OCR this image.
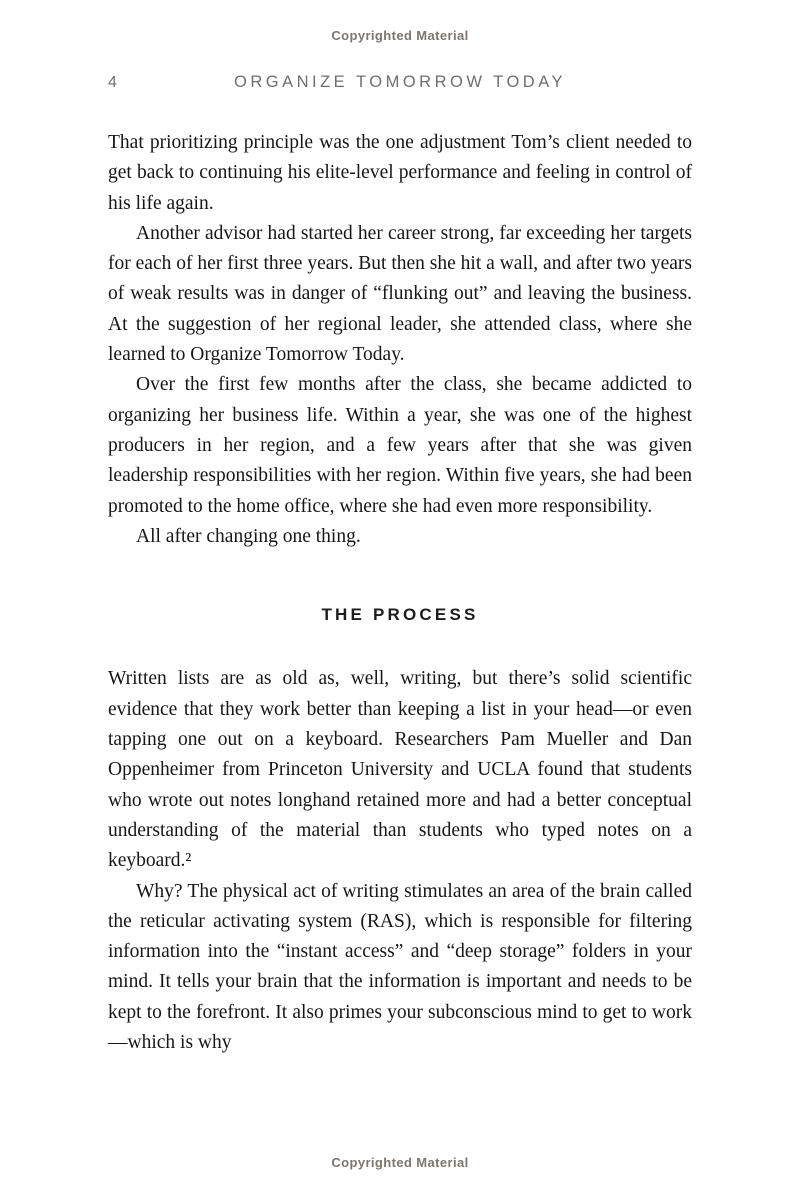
Copyrighted Material
4	ORGANIZE TOMORROW TODAY

That prioritizing principle was the one adjustment Tom’s client needed to get back to continuing his elite-level performance and feeling in control of his life again.

Another advisor had started her career strong, far exceeding her targets for each of her first three years. But then she hit a wall, and after two years of weak results was in danger of “flunking out” and leaving the business. At the suggestion of her regional leader, she attended class, where she learned to Organize Tomorrow Today.

Over the first few months after the class, she became addicted to organizing her business life. Within a year, she was one of the highest producers in her region, and a few years after that she was given leadership responsibilities with her region. Within five years, she had been promoted to the home office, where she had even more responsibility.

All after changing one thing.

THE PROCESS

Written lists are as old as, well, writing, but there’s solid scientific evidence that they work better than keeping a list in your head—or even tapping one out on a keyboard. Researchers Pam Mueller and Dan Oppenheimer from Princeton University and UCLA found that students who wrote out notes longhand retained more and had a better conceptual understanding of the material than students who typed notes on a keyboard.²

Why? The physical act of writing stimulates an area of the brain called the reticular activating system (RAS), which is responsible for filtering information into the “instant access” and “deep storage” folders in your mind. It tells your brain that the information is important and needs to be kept to the forefront. It also primes your subconscious mind to get to work—which is why

Copyrighted Material
